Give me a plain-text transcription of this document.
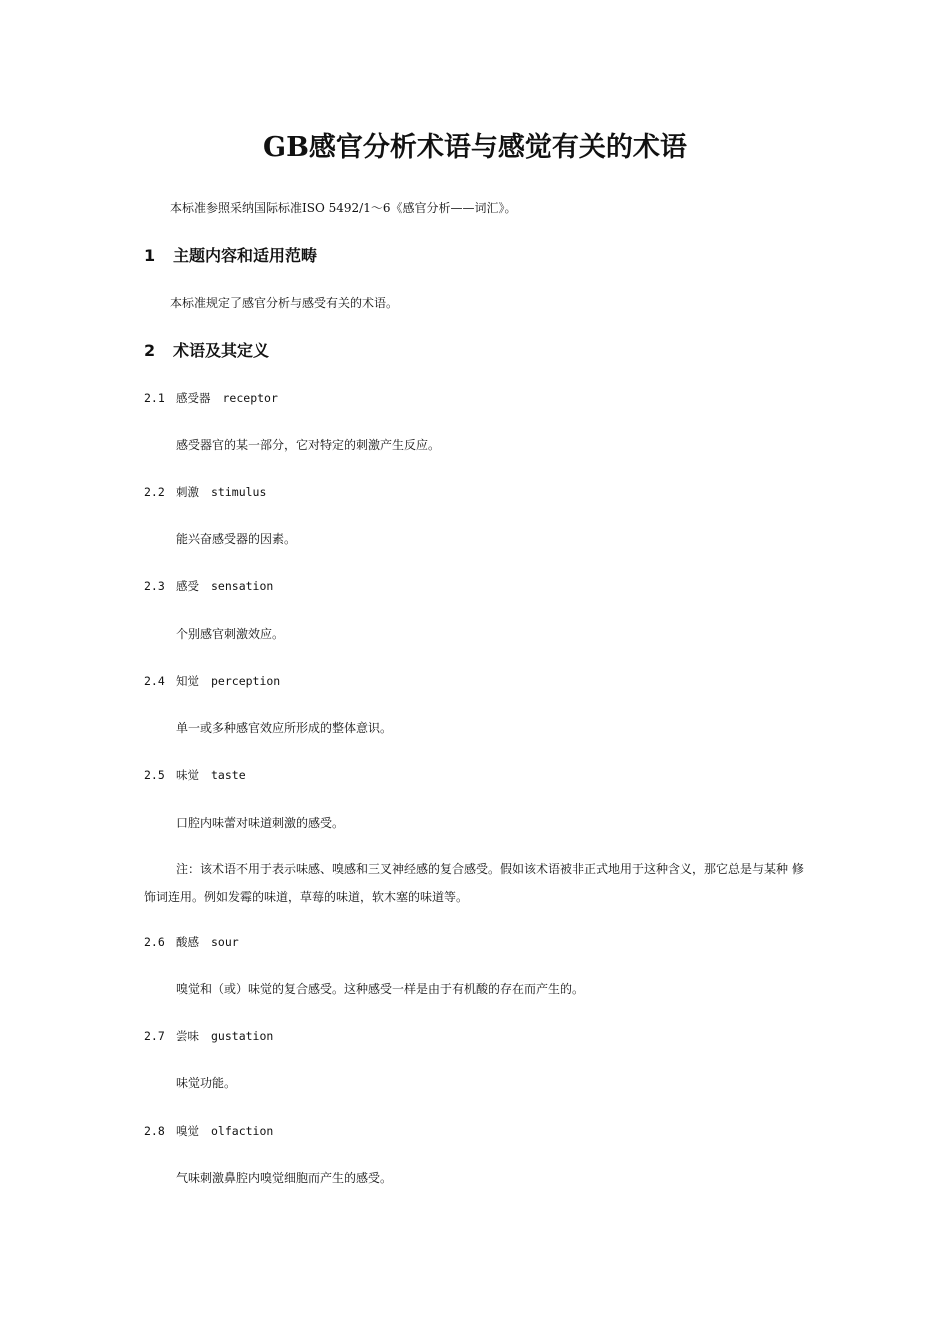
GB感官分析术语与感觉有关的术语
本标准参照采纳国际标准ISO 5492/1～6《感官分析——词汇》。
1 主题内容和适用范畴
本标准规定了感官分析与感受有关的术语。
2 术语及其定义
2.1 感受器 receptor
感受器官的某一部分，它对特定的刺激产生反应。
2.2 刺激 stimulus
能兴奋感受器的因素。
2.3 感受 sensation
个别感官刺激效应。
2.4 知觉 perception
单一或多种感官效应所形成的整体意识。
2.5 味觉 taste
口腔内味蕾对味道刺激的感受。
注：该术语不用于表示味感、嗅感和三叉神经感的复合感受。假如该术语被非正式地用于这种含义，那它总是与某种 修饰词连用。例如发霉的味道，草莓的味道，软木塞的味道等。
2.6 酸感 sour
嗅觉和（或）味觉的复合感受。这种感受一样是由于有机酸的存在而产生的。
2.7 尝味 gustation
味觉功能。
2.8 嗅觉 olfaction
气味刺激鼻腔内嗅觉细胞而产生的感受。
